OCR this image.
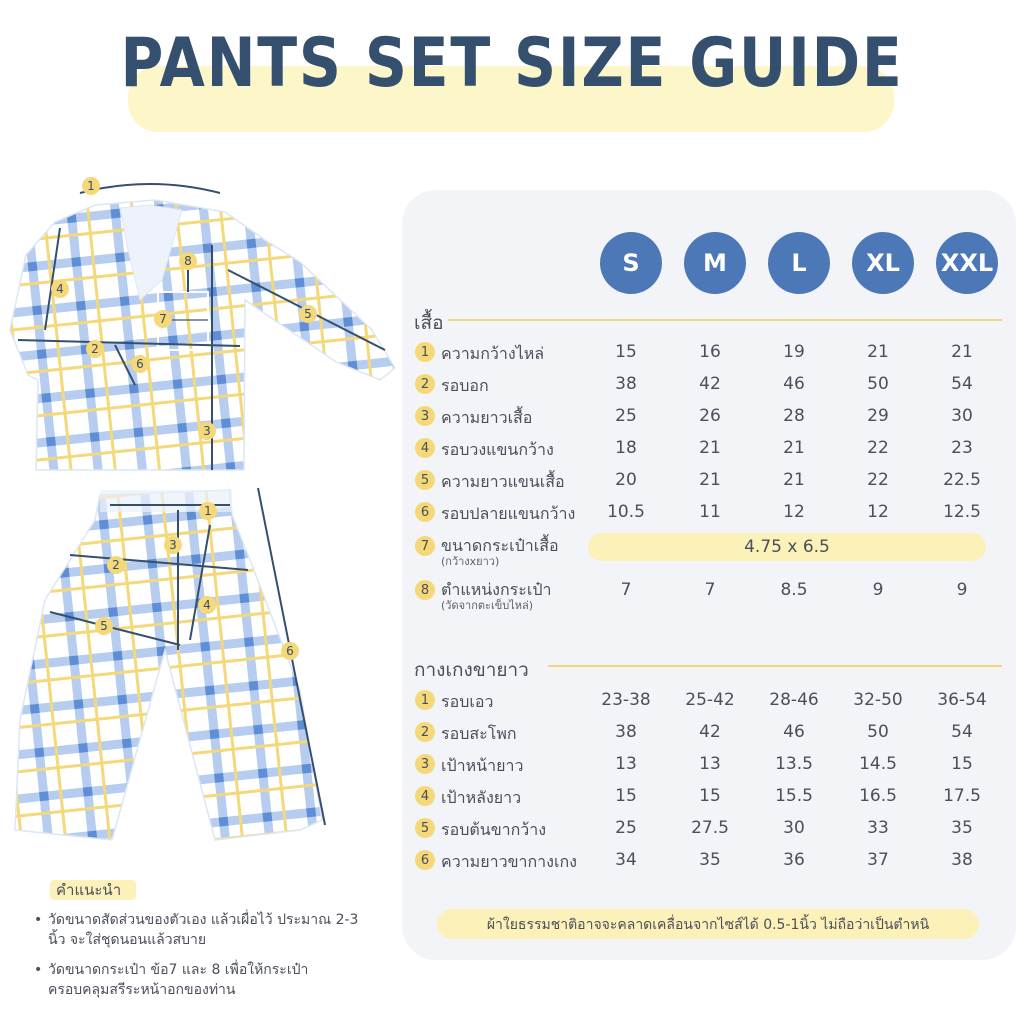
PANTS SET SIZE GUIDE
1
2
3
4
5
6
7
8
1
2
3
4
5
6
S	M	L	XL	XXL
เสื้อ
1 ความกว้างไหล่	15	16	19	21	21
2 รอบอก	38	42	46	50	54
3 ความยาวเสื้อ	25	26	28	29	30
4 รอบวงแขนกว้าง	18	21	21	22	23
5 ความยาวแขนเสื้อ	20	21	21	22	22.5
6 รอบปลายแขนกว้าง	10.5	11	12	12	12.5
7 ขนาดกระเป๋าเสื้อ
(กว้างxยาว)
4.75 x 6.5
8 ตำแหน่งกระเป๋า
(วัดจากตะเข็บไหล่)
7	7	8.5	9	9
กางเกงขายาว
1 รอบเอว	23-38	25-42	28-46	32-50	36-54
2 รอบสะโพก	38	42	46	50	54
3 เป้าหน้ายาว	13	13	13.5	14.5	15
4 เป้าหลังยาว	15	15	15.5	16.5	17.5
5 รอบต้นขากว้าง	25	27.5	30	33	35
6 ความยาวขากางเกง	34	35	36	37	38
ผ้าใยธรรมชาติอาจจะคลาดเคลื่อนจากไซส์ได้ 0.5-1นิ้ว ไม่ถือว่าเป็นตำหนิ
คำแนะนำ
• วัดขนาดสัดส่วนของตัวเอง แล้วเผื่อไว้ ประมาณ 2-3 นิ้ว จะใส่ชุดนอนแล้วสบาย
• วัดขนาดกระเป๋า ข้อ7 และ 8 เพื่อให้กระเป๋า ครอบคลุมสรีระหน้าอกของท่าน
